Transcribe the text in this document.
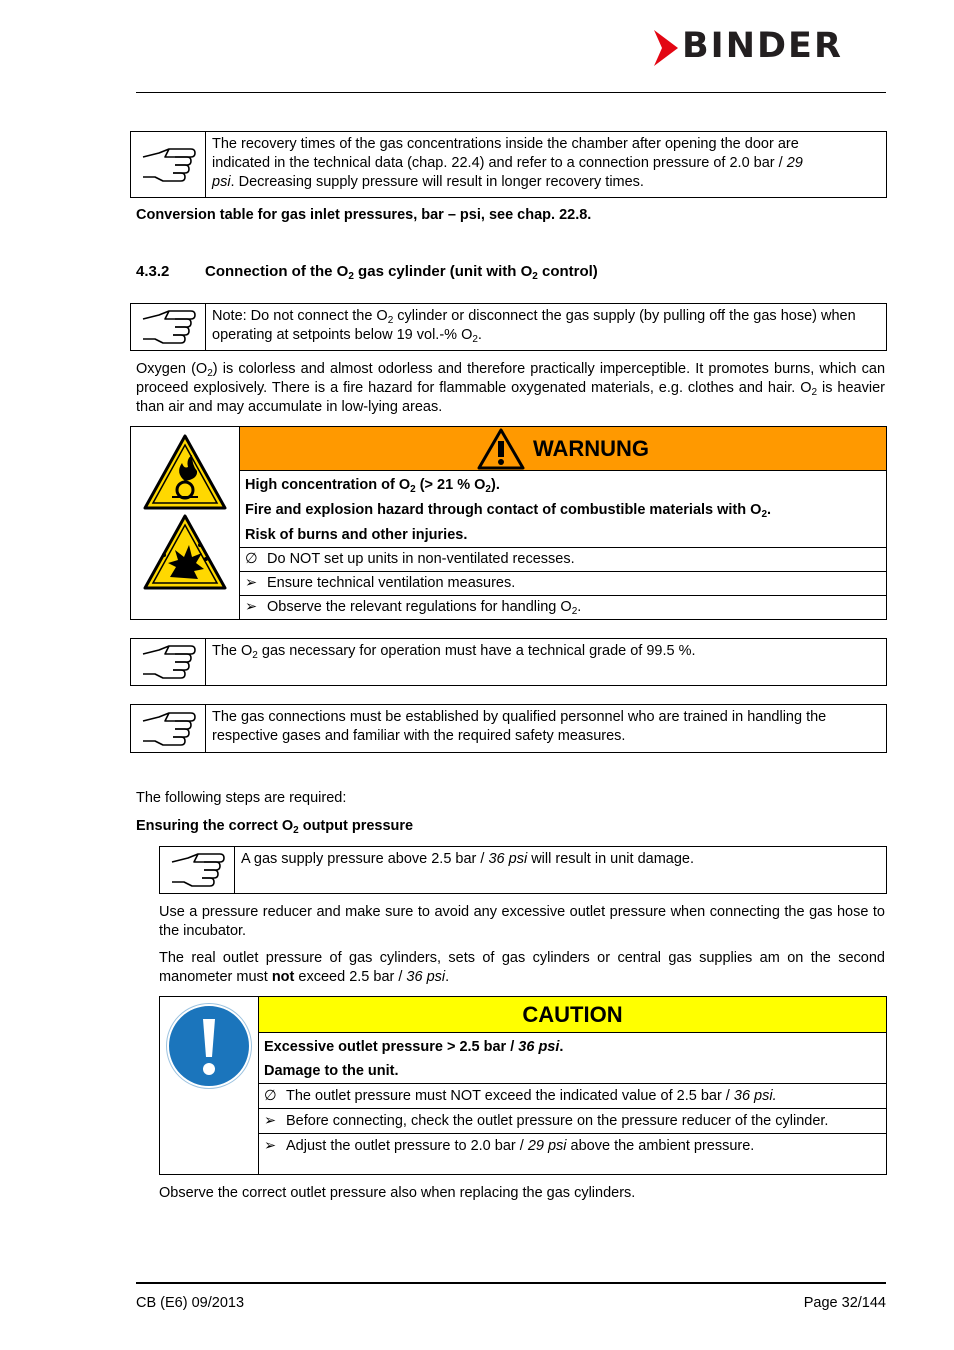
BINDER
The recovery times of the gas concentrations inside the chamber after opening the door are
indicated in the technical data (chap. 22.4) and refer to a connection pressure of 2.0 bar / 29
psi. Decreasing supply pressure will result in longer recovery times.
Conversion table for gas inlet pressures, bar – psi, see chap. 22.8.
4.3.2 Connection of the $O_2$ gas cylinder (unit with $O_2$ control)
Note: Do not connect the $O_2$ cylinder or disconnect the gas supply (by pulling off the gas hose) when operating at setpoints below 19 vol.-% $O_2$.
Oxygen $(O_2)$ is colorless and almost odorless and therefore practically imperceptible. It promotes burns, which can proceed explosively. There is a fire hazard for flammable oxygenated materials, e.g. clothes and hair. $O_2$ is heavier than air and may accumulate in low-lying areas.
WARNUNG
High concentration of $O_2$ (> 21 % $O_2$).
Fire and explosion hazard through contact of combustible materials with $O_2$.
Risk of burns and other injuries.
∅ Do NOT set up units in non-ventilated recesses.
➢ Ensure technical ventilation measures.
➢ Observe the relevant regulations for handling $O_2$.
The $O_2$ gas necessary for operation must have a technical grade of 99.5 %.
The gas connections must be established by qualified personnel who are trained in handling the respective gases and familiar with the required safety measures.
The following steps are required:
Ensuring the correct $O_2$ output pressure
A gas supply pressure above 2.5 bar / 36 psi will result in unit damage.
Use a pressure reducer and make sure to avoid any excessive outlet pressure when connecting the gas hose to the incubator.
The real outlet pressure of gas cylinders, sets of gas cylinders or central gas supplies am on the second manometer must not exceed 2.5 bar / 36 psi.
CAUTION
Excessive outlet pressure > 2.5 bar / 36 psi.
Damage to the unit.
∅ The outlet pressure must NOT exceed the indicated value of 2.5 bar / 36 psi.
➢ Before connecting, check the outlet pressure on the pressure reducer of the cylinder.
➢ Adjust the outlet pressure to 2.0 bar / 29 psi above the ambient pressure.
Observe the correct outlet pressure also when replacing the gas cylinders.
CB (E6) 09/2013	Page 32/144
